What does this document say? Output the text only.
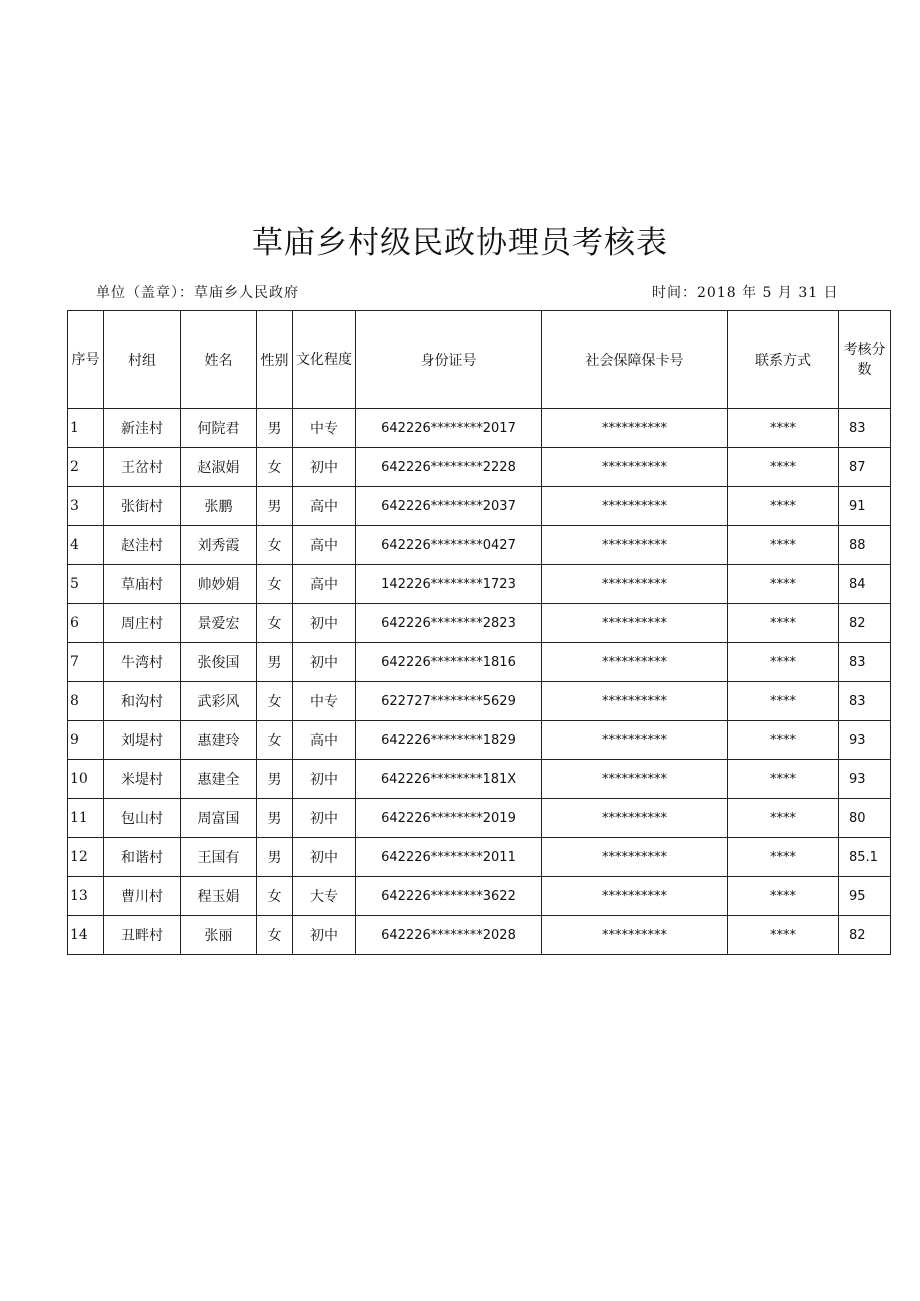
草庙乡村级民政协理员考核表
单位（盖章）：草庙乡人民政府	时间：2018 年 5 月 31 日
序号	村组	姓名	性别	文化程度	身份证号	社会保障保卡号	联系方式	考核分数
1	新洼村	何院君	男	中专	642226********2017	**********	****	83
2	王岔村	赵淑娟	女	初中	642226********2228	**********	****	87
3	张街村	张鹏	男	高中	642226********2037	**********	****	91
4	赵洼村	刘秀霞	女	高中	642226********0427	**********	****	88
5	草庙村	帅妙娟	女	高中	142226********1723	**********	****	84
6	周庄村	景爱宏	女	初中	642226********2823	**********	****	82
7	牛湾村	张俊国	男	初中	642226********1816	**********	****	83
8	和沟村	武彩风	女	中专	622727********5629	**********	****	83
9	刘堤村	惠建玲	女	高中	642226********1829	**********	****	93
10	米堤村	惠建全	男	初中	642226********181X	**********	****	93
11	包山村	周富国	男	初中	642226********2019	**********	****	80
12	和谐村	王国有	男	初中	642226********2011	**********	****	85.1
13	曹川村	程玉娟	女	大专	642226********3622	**********	****	95
14	丑畔村	张丽	女	初中	642226********2028	**********	****	82
